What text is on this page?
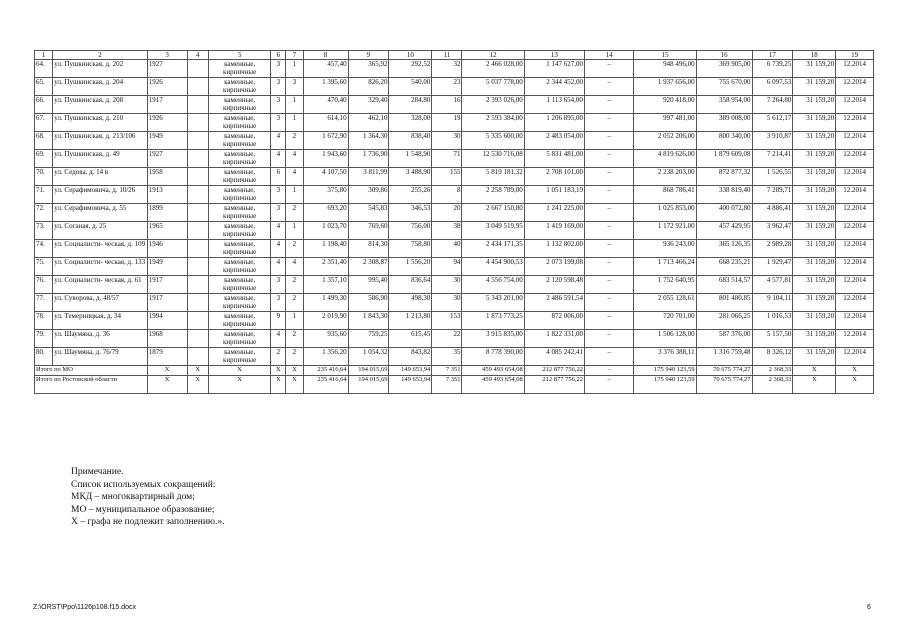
1	2	3	4	5	6	7	8	9	10	11	12	13	14	15	16	17	18	19
64.	ул. Пушкинская, д. 202	1927		каменные, кирпичные	3	1	457,40	365,92	292,52	32	2 466 028,00	1 147 627,00	–	948 496,00	369 905,00	6 739,25	31 159,20	12.2014
65.	ул. Пушкинская, д. 204	1926		каменные, кирпичные	3	3	1 395,60	826,20	540,00	23	5 037 778,00	2 344 452,00	–	1 937 656,00	755 670,00	6 097,53	31 159,20	12.2014
66.	ул. Пушкинская, д. 208	1917		каменные, кирпичные	3	1	470,40	329,40	284,80	16	2 393 026,00	1 113 654,00	–	920 418,00	358 954,00	7 264,80	31 159,20	12.2014
67.	ул. Пушкинская, д. 210	1926		каменные, кирпичные	3	1	614,10	462,10	328,00	19	2 593 384,00	1 206 895,00	–	997 481,00	389 008,00	5 612,17	31 159,20	12.2014
68.	ул. Пушкинская, д. 213/106	1949		каменные, кирпичные	4	2	1 672,90	1 364,30	838,40	30	5 335 600,00	2 483 054,00	–	2 052 206,00	800 340,00	3 910,87	31 159,20	12.2014
69.	ул. Пушкинская, д. 49	1927		каменные, кирпичные	4	4	1 943,60	1 736,90	1 548,90	71	12 530 716,08	5 831 481,00	–	4 819 626,00	1 879 609,08	7 214,41	31 159,20	12.2014
70.	ул. Седова, д. 14 в	1958		каменные, кирпичные	6	4	4 107,50	3 811,99	3 488,90	155	5 819 181,32	2 708 101,00	–	2 238 203,00	872 877,32	1 526,55	31 159,20	12.2014
71.	ул. Серафимовича, д. 10/26	1913		каменные, кирпичные	3	1	375,80	309,86	255,26	8	2 258 789,00	1 051 183,19	–	868 786,41	338 819,40	7 289,71	31 159,20	12.2014
72.	ул. Серафимовича, д. 55	1899		каменные, кирпичные	3	2	693,20	545,83	346,53	20	2 667 150,80	1 241 225,00	–	1 025 853,00	400 072,80	4 886,41	31 159,20	12.2014
73.	ул. Соганая, д. 25	1965		каменные, кирпичные	4	1	1 023,70	769,60	756,00	38	3 049 519,95	1 419 169,00	–	1 172 921,00	457 429,95	3 962,47	31 159,20	12.2014
74.	ул. Социалисти- ческая, д. 109	1946		каменные, кирпичные	4	2	1 198,40	814,30	758,80	40	2 434 171,35	1 132 802,00	–	936 243,00	365 126,35	2 989,28	31 159,20	12.2014
75.	ул. Социалисти- ческая, д. 133	1949		каменные, кирпичные	4	4	2 351,40	2 308,87	1 556,20	94	4 454 900,53	2 073 199,08	–	1 713 466,24	668 235,21	1 929,47	31 159,20	12.2014
76.	ул. Социалисти- ческая, д. 61	1917		каменные, кирпичные	3	2	1 357,10	995,40	836,64	30	4 556 754,00	2 120 598,48	–	1 752 640,95	683 514,57	4 577,81	31 159,20	12.2014
77.	ул. Суворова, д. 48/57	1917		каменные, кирпичные	3	2	1 499,30	586,90	498,30	30	5 343 201,00	2 486 591,54	–	2 055 128,61	801 480,85	9 104,11	31 159,20	12.2014
78.	ул. Темерницкая, д. 34	1994		каменные, кирпичные	9	1	2 019,90	1 843,30	1 213,80	153	1 873 773,25	872 006,00	–	720 701,00	281 066,25	1 016,53	31 159,20	12.2014
79.	ул. Шаумяна, д. 36	1968		каменные, кирпичные	4	2	935,60	759,25	615,45	22	3 915 835,00	1 822 331,00	–	1 506 128,00	587 376,00	5 157,50	31 159,20	12.2014
80.	ул. Шаумяна, д. 76/79	1879		каменные, кирпичные	2	2	1 356,20	1 054,32	843,82	35	8 778 390,00	4 085 242,41	–	3 376 388,11	1 316 759,48	8 326,12	31 159,20	12.2014
Итого по МО		X	X	X	X	X	235 416,64	194 015,69	149 653,94	7 351	459 493 654,08	212 877 756,22	–	175 940 123,59	70 675 774,27	2 368,33	X	X
Итого по Ростовской области		X	X	X	X	X	235 416,64	194 015,69	149 653,94	7 351	459 493 654,08	212 877 756,22	–	175 940 123,59	70 675 774,27	2 368,33	X	X
Примечание.
Список используемых сокращений:
МКД – многоквартирный дом;
МО – муниципальное образование;
Х – графа не подлежит заполнению.».
Z:\ORST\Ppo\1126p108.f15.docx	6
